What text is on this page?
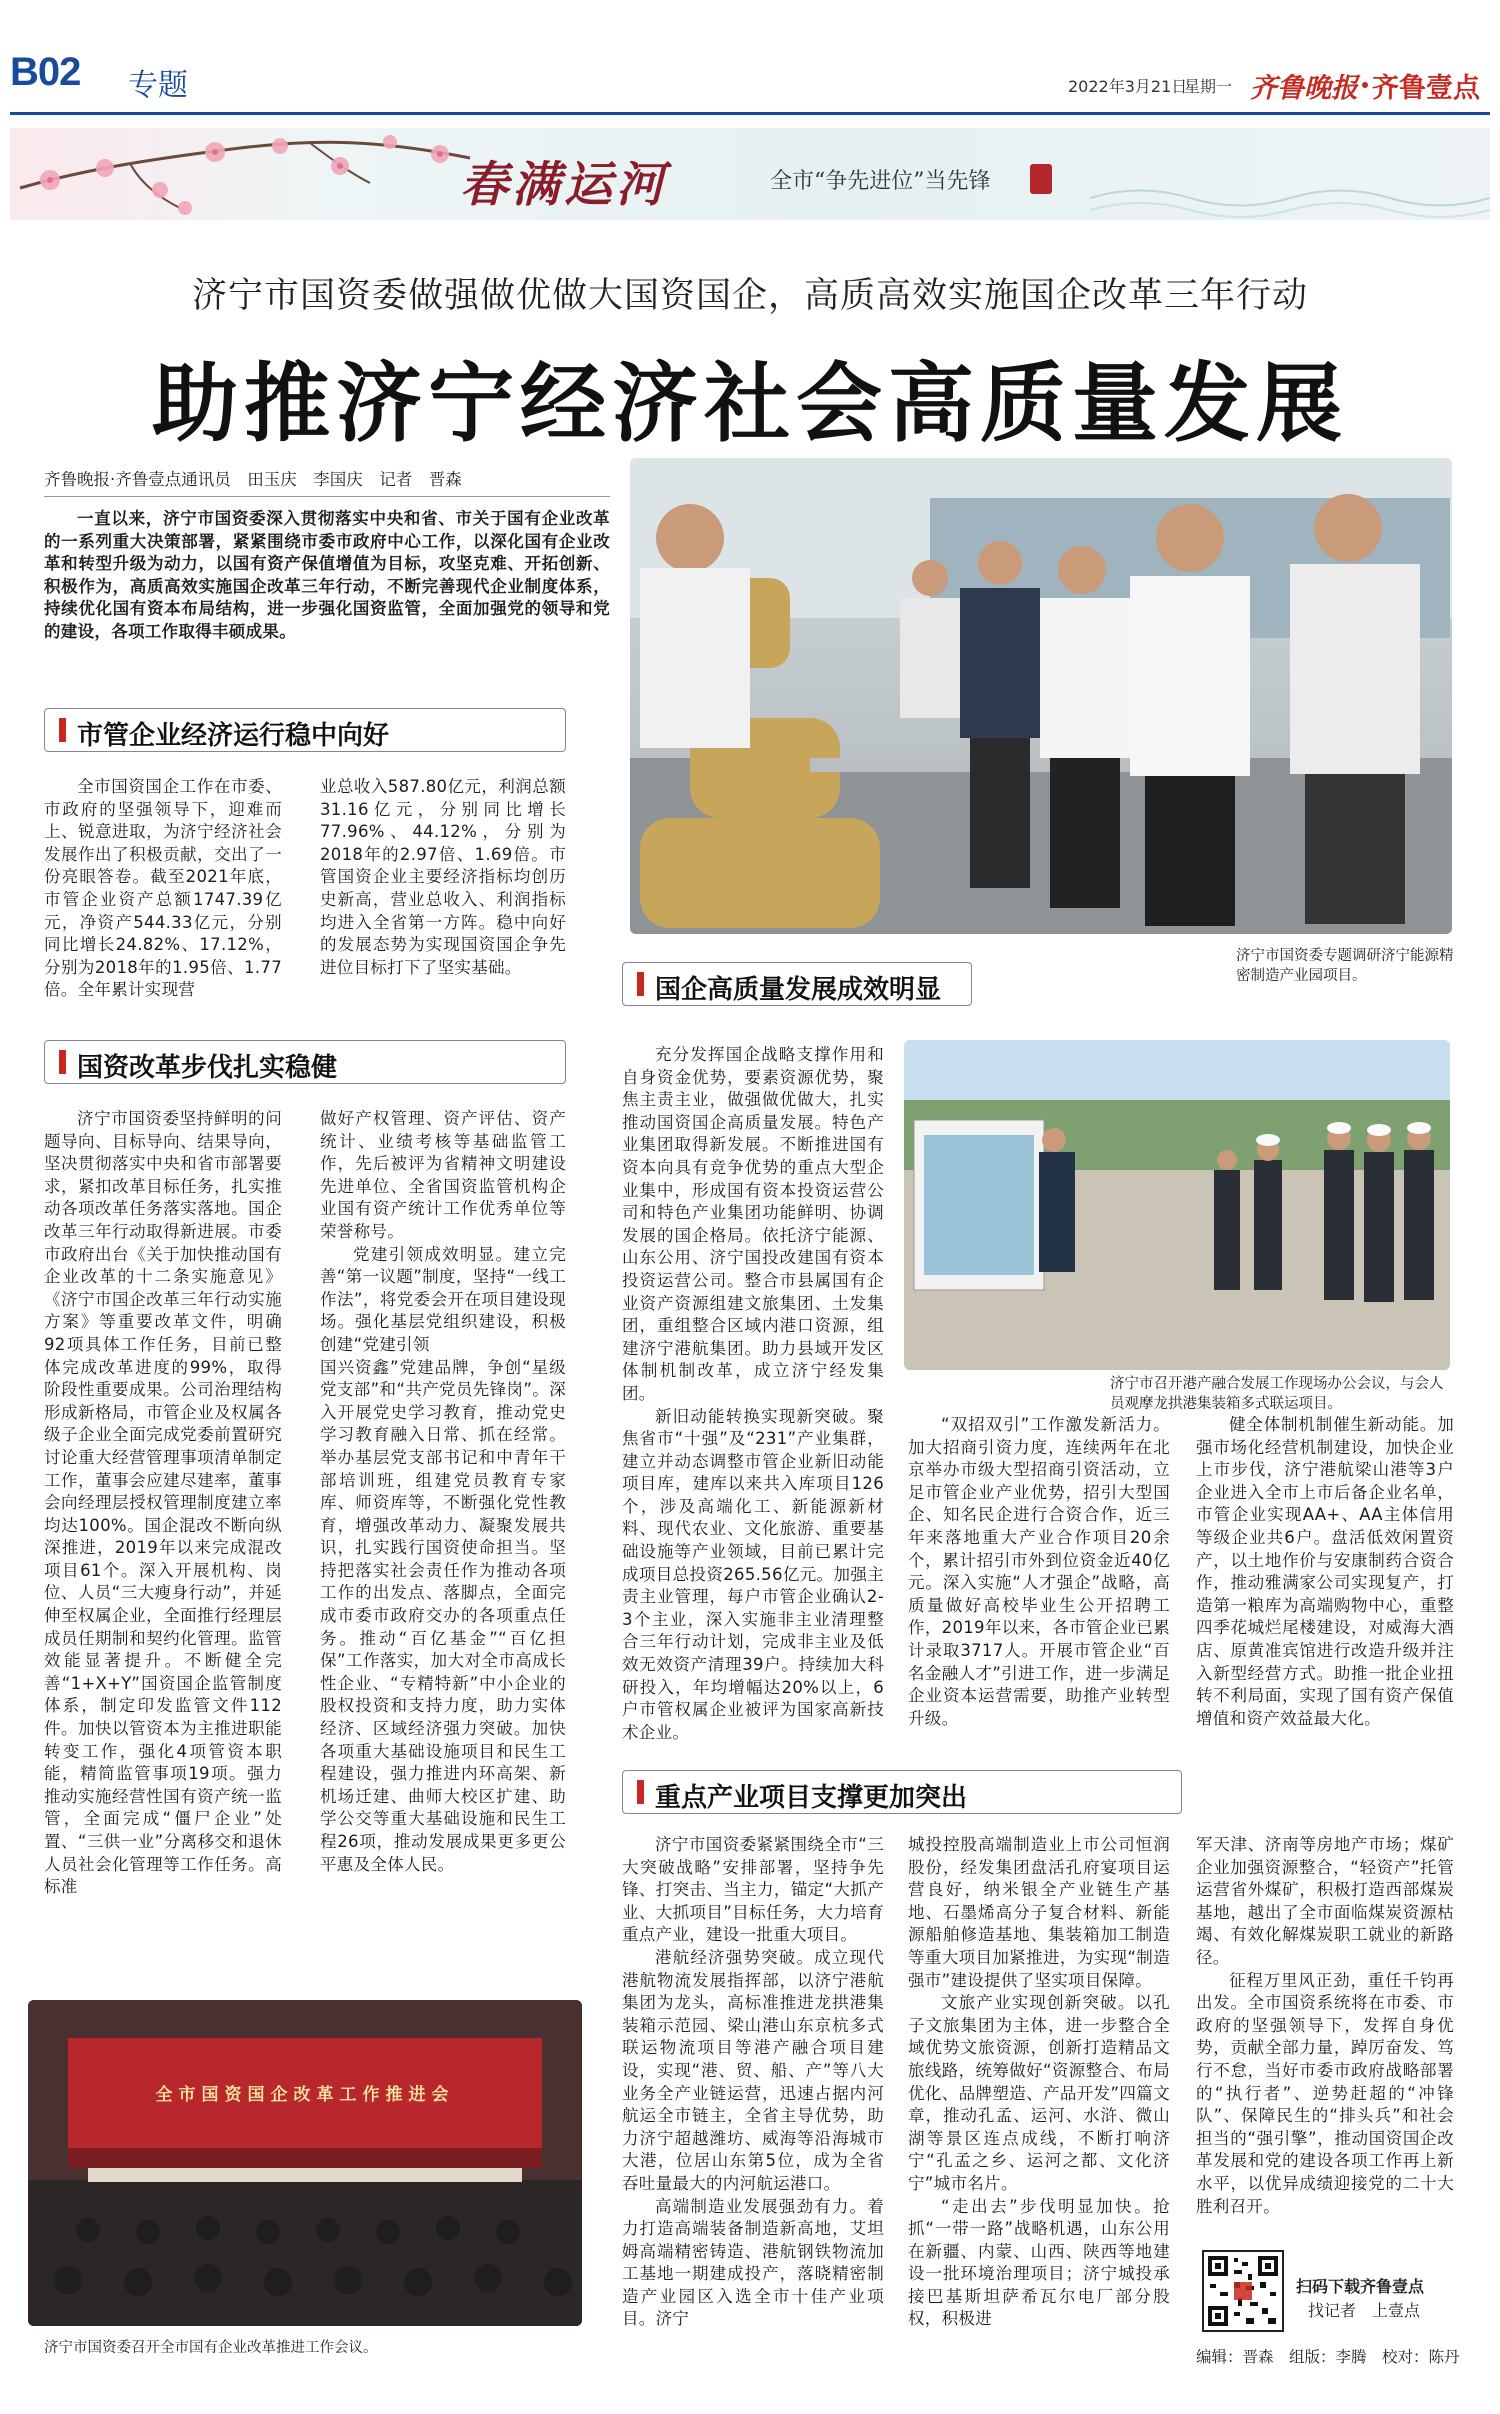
B02 专题	2022年3月21日
星期一 齐鲁晚报 齐鲁壹点
春满运河	全市“争先进位”当先锋
济宁市国资委做强做优做大国资国企，高质高效实施国企改革三年行动
助推济宁经济社会高质量发展
齐鲁晚报·齐鲁壹点通讯员　田玉庆　李国庆　记者　晋森

一直以来，济宁市国资委深入贯彻落实中央和省、市关于国有企业改革的一系列重大决策部署，紧紧围绕市委市政府中心工作，以深化国有企业改革和转型升级为动力，以国有资产保值增值为目标，攻坚克难、开拓创新、积极作为，高质高效实施国企改革三年行动，不断完善现代企业制度体系，持续优化国有资本布局结构，进一步强化国资监管，全面加强党的领导和党的建设，各项工作取得丰硕成果。

济宁市国资委专题调研济宁能源精密制造产业园项目。
市管企业经济运行稳中向好

全市国资国企工作在市委、市政府的坚强领导下，迎难而上、锐意进取，为济宁经济社会发展作出了积极贡献，交出了一份亮眼答卷。截至2021年底，市管企业资产总额1747.39亿元，净资产544.33亿元，分别同比增长24.82%、17.12%，分别为2018年的1.95倍、1.77倍。全年累计实现营

业总收入587.80亿元，利润总额31.16亿元，分别同比增长77.96%、44.12%，分别为2018年的2.97倍、1.69倍。市管国资企业主要经济指标均创历史新高，营业总收入、利润指标均进入全省第一方阵。稳中向好的发展态势为实现国资国企争先进位目标打下了坚实基础。

国资改革步伐扎实稳健

济宁市国资委坚持鲜明的问题导向、目标导向、结果导向，坚决贯彻落实中央和省市部署要求，紧扣改革目标任务，扎实推动各项改革任务落实落地。国企改革三年行动取得新进展。市委市政府出台《关于加快推动国有企业改革的十二条实施意见》《济宁市国企改革三年行动实施方案》等重要改革文件，明确92项具体工作任务，目前已整体完成改革进度的99%，取得阶段性重要成果。公司治理结构形成新格局，市管企业及权属各级子企业全面完成党委前置研究讨论重大经营管理事项清单制定工作，董事会应建尽建率，董事会向经理层授权管理制度建立率均达100%。国企混改不断向纵深推进，2019年以来完成混改项目61个。深入开展机构、岗位、人员“三大瘦身行动”，并延伸至权属企业，全面推行经理层成员任期制和契约化管理。监管效能显著提升。不断健全完善“1+X+Y”国资国企监管制度体系，制定印发监管文件112件。加快以管资本为主推进职能转变工作，强化4项管资本职能，精简监管事项19项。强力推动实施经营性国有资产统一监管，全面完成“僵尸企业”处置、“三供一业”分离移交和退休人员社会化管理等工作任务。高标准

做好产权管理、资产评估、资产统计、业绩考核等基础监管工作，先后被评为省精神文明建设先进单位、全省国资监管机构企业国有资产统计工作优秀单位等荣誉称号。

党建引领成效明显。建立完善“第一议题”制度，坚持“一线工作法”，将党委会开在项目建设现场。强化基层党组织建设，积极创建“党建引领

国兴资鑫”党建品牌，争创“星级党支部”和“共产党员先锋岗”。深入开展党史学习教育，推动党史学习教育融入日常、抓在经常。举办基层党支部书记和中青年干部培训班，组建党员教育专家库、师资库等，不断强化党性教育，增强改革动力、凝聚发展共识，扎实践行国资使命担当。坚持把落实社会责任作为推动各项工作的出发点、落脚点，全面完成市委市政府交办的各项重点任务。推动“百亿基金”“百亿担保”工作落实，加大对全市高成长性企业、“专精特新”中小企业的股权投资和支持力度，助力实体经济、区域经济强力突破。加快各项重大基础设施项目和民生工程建设，强力推进内环高架、新机场迁建、曲师大校区扩建、助学公交等重大基础设施和民生工程26项，推动发展成果更多更公平惠及全体人民。

全市国资国企改革工作推进会
济宁市国资委召开全市国有企业改革推进工作会议。
国企高质量发展成效明显

充分发挥国企战略支撑作用和自身资金优势，要素资源优势，聚焦主责主业，做强做优做大，扎实推动国资国企高质量发展。特色产业集团取得新发展。不断推进国有资本向具有竞争优势的重点大型企业集中，形成国有资本投资运营公司和特色产业集团功能鲜明、协调发展的国企格局。依托济宁能源、山东公用、济宁国投改建国有资本投资运营公司。整合市县属国有企业资产资源组建文旅集团、土发集团，重组整合区域内港口资源，组建济宁港航集团。助力县域开发区体制机制改革，成立济宁经发集团。

新旧动能转换实现新突破。聚焦省市“十强”及“231”产业集群，建立并动态调整市管企业新旧动能项目库，建库以来共入库项目126个，涉及高端化工、新能源新材料、现代农业、文化旅游、重要基础设施等产业领域，目前已累计完成项目总投资265.56亿元。加强主责主业管理，每户市管企业确认2-3个主业，深入实施非主业清理整合三年行动计划，完成非主业及低效无效资产清理39户。持续加大科研投入，年均增幅达20%以上，6户市管权属企业被评为国家高新技术企业。

济宁市召开港产融合发展工作现场办公会议，与会人员观摩龙拱港集装箱多式联运项目。

“双招双引”工作激发新活力。加大招商引资力度，连续两年在北京举办市级大型招商引资活动，立足市管企业产业优势，招引大型国企、知名民企进行合资合作，近三年来落地重大产业合作项目20余个，累计招引市外到位资金近40亿元。深入实施“人才强企”战略，高质量做好高校毕业生公开招聘工作，2019年以来，各市管企业已累计录取3717人。开展市管企业“百名金融人才”引进工作，进一步满足企业资本运营需要，助推产业转型升级。

健全体制机制催生新动能。加强市场化经营机制建设，加快企业上市步伐，济宁港航梁山港等3户企业进入全市上市后备企业名单，市管企业实现AA+、AA主体信用等级企业共6户。盘活低效闲置资产，以土地作价与安康制药合资合作，推动雅满家公司实现复产，打造第一粮库为高端购物中心，重整四季花城烂尾楼建设，对威海大酒店、原黄准宾馆进行改造升级并注入新型经营方式。助推一批企业扭转不利局面，实现了国有资产保值增值和资产效益最大化。

重点产业项目支撑更加突出

济宁市国资委紧紧围绕全市“三大突破战略”安排部署，坚持争先锋、打突击、当主力，锚定“大抓产业、大抓项目”目标任务，大力培育重点产业，建设一批重大项目。

港航经济强势突破。成立现代港航物流发展指挥部，以济宁港航集团为龙头，高标准推进龙拱港集装箱示范园、梁山港山东京杭多式联运物流项目等港产融合项目建设，实现“港、贸、船、产”等八大业务全产业链运营，迅速占据内河航运全市链主，全省主导优势，助力济宁超越潍坊、威海等沿海城市大港，位居山东第5位，成为全省吞吐量最大的内河航运港口。

高端制造业发展强劲有力。着力打造高端装备制造新高地，艾坦姆高端精密铸造、港航钢铁物流加工基地一期建成投产，落晓精密制造产业园区入选全市十佳产业项目。济宁

城投控股高端制造业上市公司恒润股份，经发集团盘活孔府宴项目运营良好，纳米银全产业链生产基地、石墨烯高分子复合材料、新能源船舶修造基地、集装箱加工制造等重大项目加紧推进，为实现“制造强市”建设提供了坚实项目保障。

文旅产业实现创新突破。以孔子文旅集团为主体，进一步整合全域优势文旅资源，创新打造精品文旅线路，统筹做好“资源整合、布局优化、品牌塑造、产品开发”四篇文章，推动孔孟、运河、水浒、微山湖等景区连点成线，不断打响济宁“孔孟之乡、运河之都、文化济宁”城市名片。

“走出去”步伐明显加快。抢抓“一带一路”战略机遇，山东公用在新疆、内蒙、山西、陕西等地建设一批环境治理项目；济宁城投承接巴基斯坦萨希瓦尔电厂部分股权，积极进

军天津、济南等房地产市场；煤矿企业加强资源整合，“轻资产”托管运营省外煤矿，积极打造西部煤炭基地，越出了全市面临煤炭资源枯竭、有效化解煤炭职工就业的新路径。

征程万里风正劲，重任千钧再出发。全市国资系统将在市委、市政府的坚强领导下，发挥自身优势，贡献全部力量，踔厉奋发、笃行不怠，当好市委市政府战略部署的“执行者”、逆势赶超的“冲锋队”、保障民生的“排头兵”和社会担当的“强引擎”，推动国资国企改革发展和党的建设各项工作再上新水平，以优异成绩迎接党的二十大胜利召开。

扫码下载齐鲁壹点
找记者　上壹点
编辑：晋森　组版：李腾　校对：陈丹
